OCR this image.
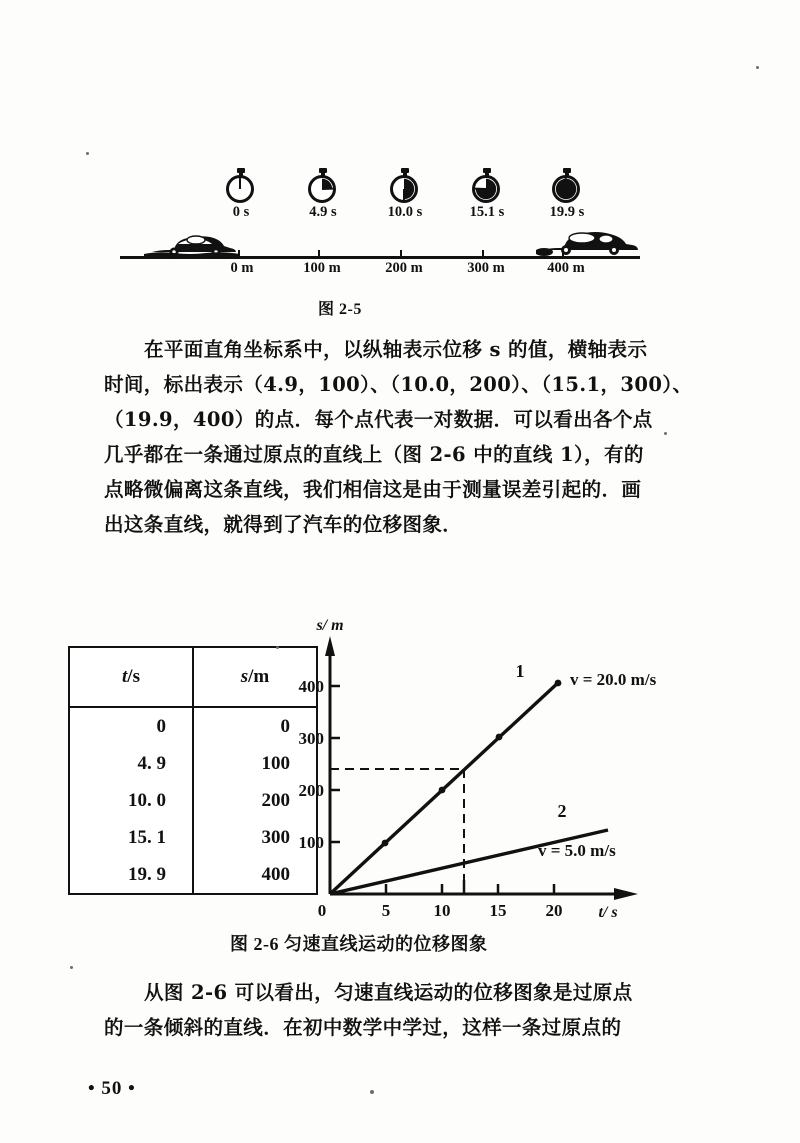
0 s	4.9 s	10.0 s	15.1 s	19.9 s
0 m	100 m	200 m	300 m	400 m
图 2-5
在平面直角坐标系中，以纵轴表示位移 s 的值，横轴表示
时间，标出表示（4.9，100）、（10.0，200）、（15.1，300）、
（19.9，400）的点．每个点代表一对数据．可以看出各个点
几乎都在一条通过原点的直线上（图 2-6 中的直线 1），有的
点略微偏离这条直线，我们相信这是由于测量误差引起的．画
出这条直线，就得到了汽车的位移图象．
t/s	s/m
0	0
4. 9	100
10. 0	200
15. 1	300
19. 9	400
100
200
300
400
0	5	10 15 20
s/ m
t/ s
1	v = 20.0 m/s
2
v = 5.0 m/s
图 2-6 匀速直线运动的位移图象
从图 2-6 可以看出，匀速直线运动的位移图象是过原点
的一条倾斜的直线．在初中数学中学过，这样一条过原点的
• 50 •
